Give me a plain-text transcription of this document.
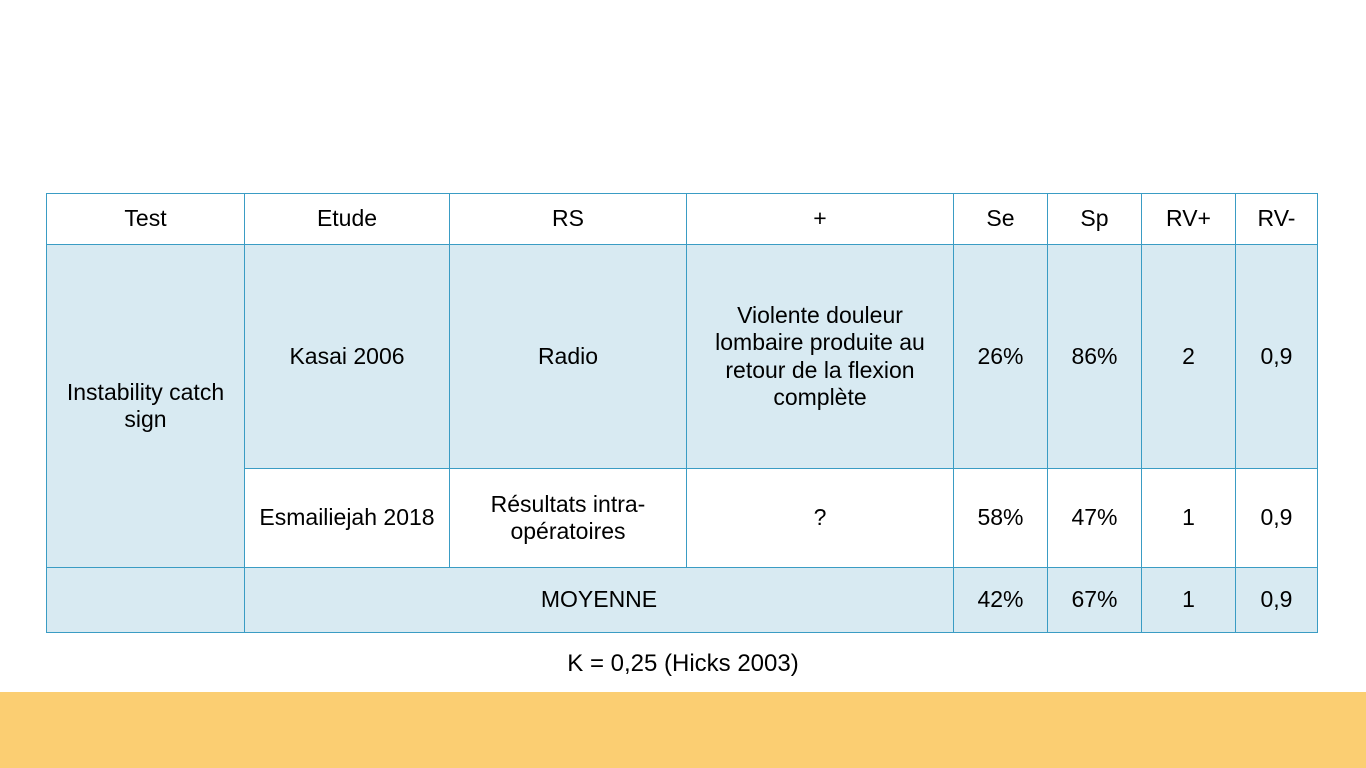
Test	Etude	RS	+	Se	Sp	RV+	RV-
Instability catch sign	Kasai 2006	Radio	Violente douleur lombaire produite au retour de la flexion complète	26%	86%	2	0,9
	Esmailiejah 2018	Résultats intra-opératoires	?	58%	47%	1	0,9
	MOYENNE			42%	67%	1	0,9
K = 0,25 (Hicks 2003)
